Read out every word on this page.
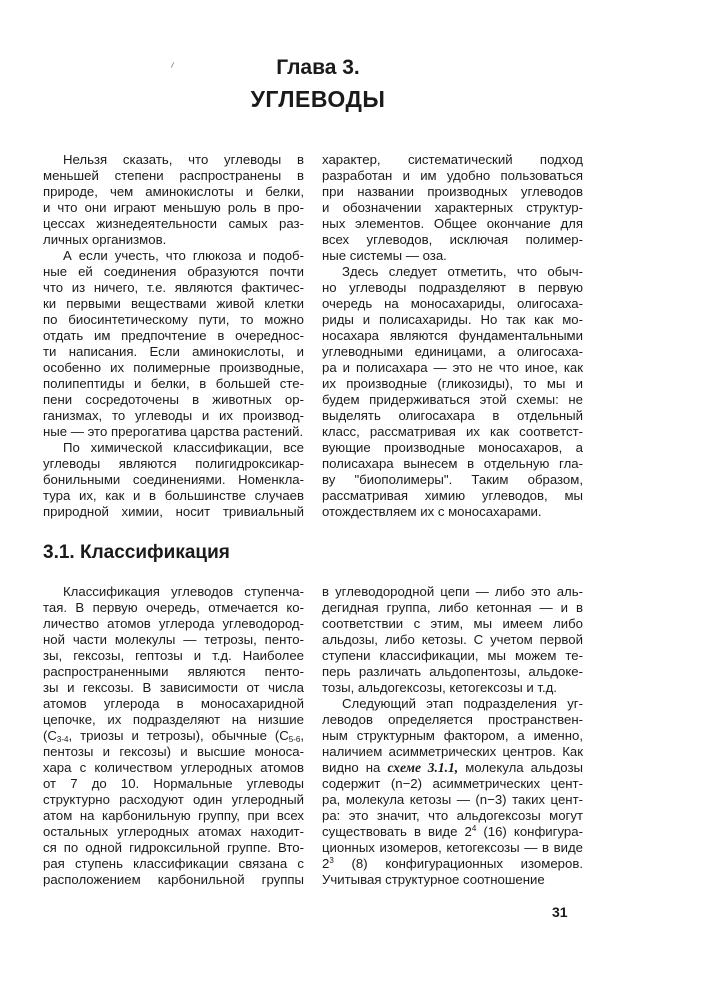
Глава 3.
УГЛЕВОДЫ
Нельзя сказать, что углеводы в
меньшей степени распространены в
природе, чем аминокислоты и белки,
и что они играют меньшую роль в про-
цессах жизнедеятельности самых раз-
личных организмов.
А если учесть, что глюкоза и подоб-
ные ей соединения образуются почти
что из ничего, т.е. являются фактичес-
ки первыми веществами живой клетки
по биосинтетическому пути, то можно
отдать им предпочтение в очереднос-
ти написания. Если аминокислоты, и
особенно их полимерные производные,
полипептиды и белки, в большей сте-
пени сосредоточены в животных ор-
ганизмах, то углеводы и их производ-
ные — это прерогатива царства растений.
По химической классификации, все
углеводы являются полигидроксикар-
бонильными соединениями. Номенкла-
тура их, как и в большинстве случаев
природной химии, носит тривиальный
характер, систематический подход
разработан и им удобно пользоваться
при названии производных углеводов
и обозначении характерных структур-
ных элементов. Общее окончание для
всех углеводов, исключая полимер-
ные системы — оза.
Здесь следует отметить, что обыч-
но углеводы подразделяют в первую
очередь на моносахариды, олигосаха-
риды и полисахариды. Но так как мо-
носахара являются фундаментальными
углеводными единицами, а олигосаха-
ра и полисахара — это не что иное, как
их производные (гликозиды), то мы и
будем придерживаться этой схемы: не
выделять олигосахара в отдельный
класс, рассматривая их как соответст-
вующие производные моносахаров, а
полисахара вынесем в отдельную гла-
ву "биополимеры". Таким образом,
рассматривая химию углеводов, мы
отождествляем их с моносахарами.
3.1. Классификация
Классификация углеводов ступенча-
тая. В первую очередь, отмечается ко-
личество атомов углерода углеводород-
ной части молекулы — тетрозы, пенто-
зы, гексозы, гептозы и т.д. Наиболее
распространенными являются пенто-
зы и гексозы. В зависимости от числа
атомов углерода в моносахаридной
цепочке, их подразделяют на низшие
($C_{3-4}$, триозы и тетрозы), обычные ($C_{5-6}$,
пентозы и гексозы) и высшие моноса-
хара с количеством углеродных атомов
от 7 до 10. Нормальные углеводы
структурно расходуют один углеродный
атом на карбонильную группу, при всех
остальных углеродных атомах находит-
ся по одной гидроксильной группе. Вто-
рая ступень классификации связана с
расположением карбонильной группы
в углеводородной цепи — либо это аль-
дегидная группа, либо кетонная — и в
соответствии с этим, мы имеем либо
альдозы, либо кетозы. С учетом первой
ступени классификации, мы можем те-
перь различать альдопентозы, альдоке-
тозы, альдогексозы, кетогексозы и т.д.
Следующий этап подразделения уг-
леводов определяется пространствен-
ным структурным фактором, а именно,
наличием асимметрических центров. Как
видно на схеме 3.1.1, молекула альдозы
содержит (n−2) асимметрических цент-
ра, молекула кетозы — (n−3) таких цент-
ра: это значит, что альдогексозы могут
существовать в виде $2^4$ (16) конфигура-
ционных изомеров, кетогексозы — в виде
$2^3$ (8) конфигурационных изомеров.
Учитывая структурное соотношение
31
